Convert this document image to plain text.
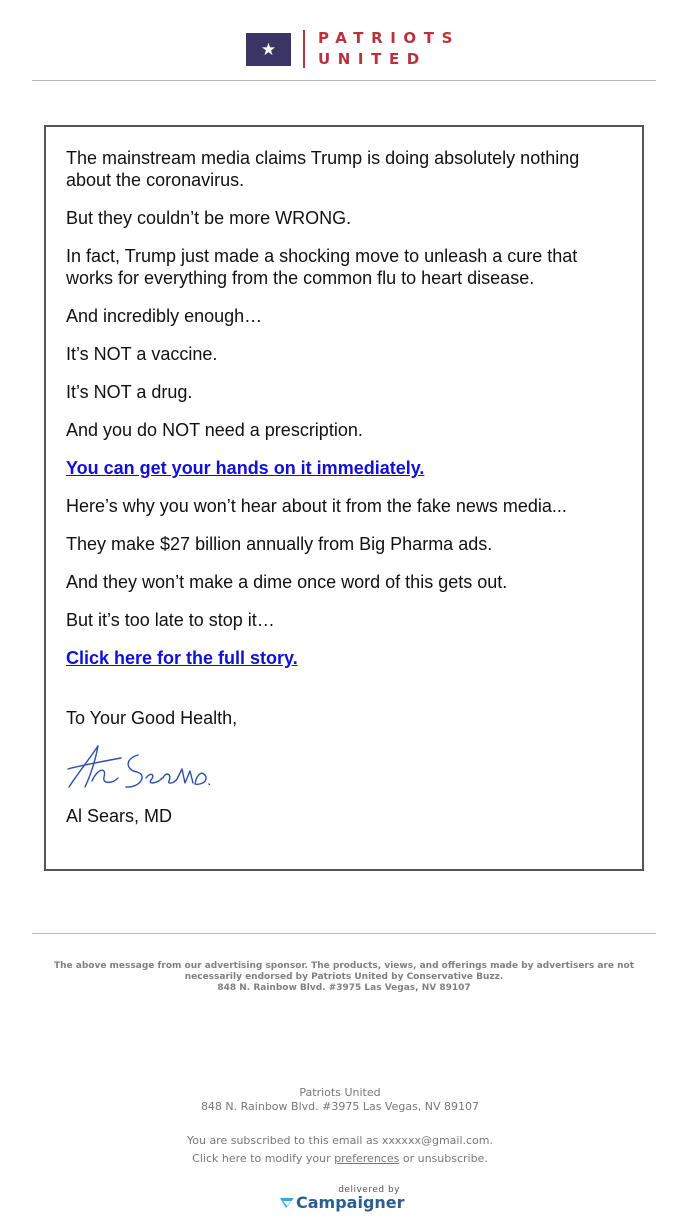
★
PATRIOTS
UNITED

The mainstream media claims Trump is doing absolutely nothing about the coronavirus.

But they couldn’t be more WRONG.

In fact, Trump just made a shocking move to unleash a cure that works for everything from the common flu to heart disease.

And incredibly enough…

It’s NOT a vaccine.

It’s NOT a drug.

And you do NOT need a prescription.

You can get your hands on it immediately.

Here’s why you won’t hear about it from the fake news media...

They make $27 billion annually from Big Pharma ads.

And they won’t make a dime once word of this gets out.

But it’s too late to stop it…

Click here for the full story.

To Your Good Health,

Al Sears, MD

The above message from our advertising sponsor. The products, views, and offerings made by advertisers are not
necessarily endorsed by Patriots United by Conservative Buzz.
848 N. Rainbow Blvd. #3975 Las Vegas, NV 89107
Patriots United
848 N. Rainbow Blvd. #3975 Las Vegas, NV 89107
You are subscribed to this email as xxxxxx@gmail.com.
Click here to modify your preferences or unsubscribe.
delivered by
Campaigner
